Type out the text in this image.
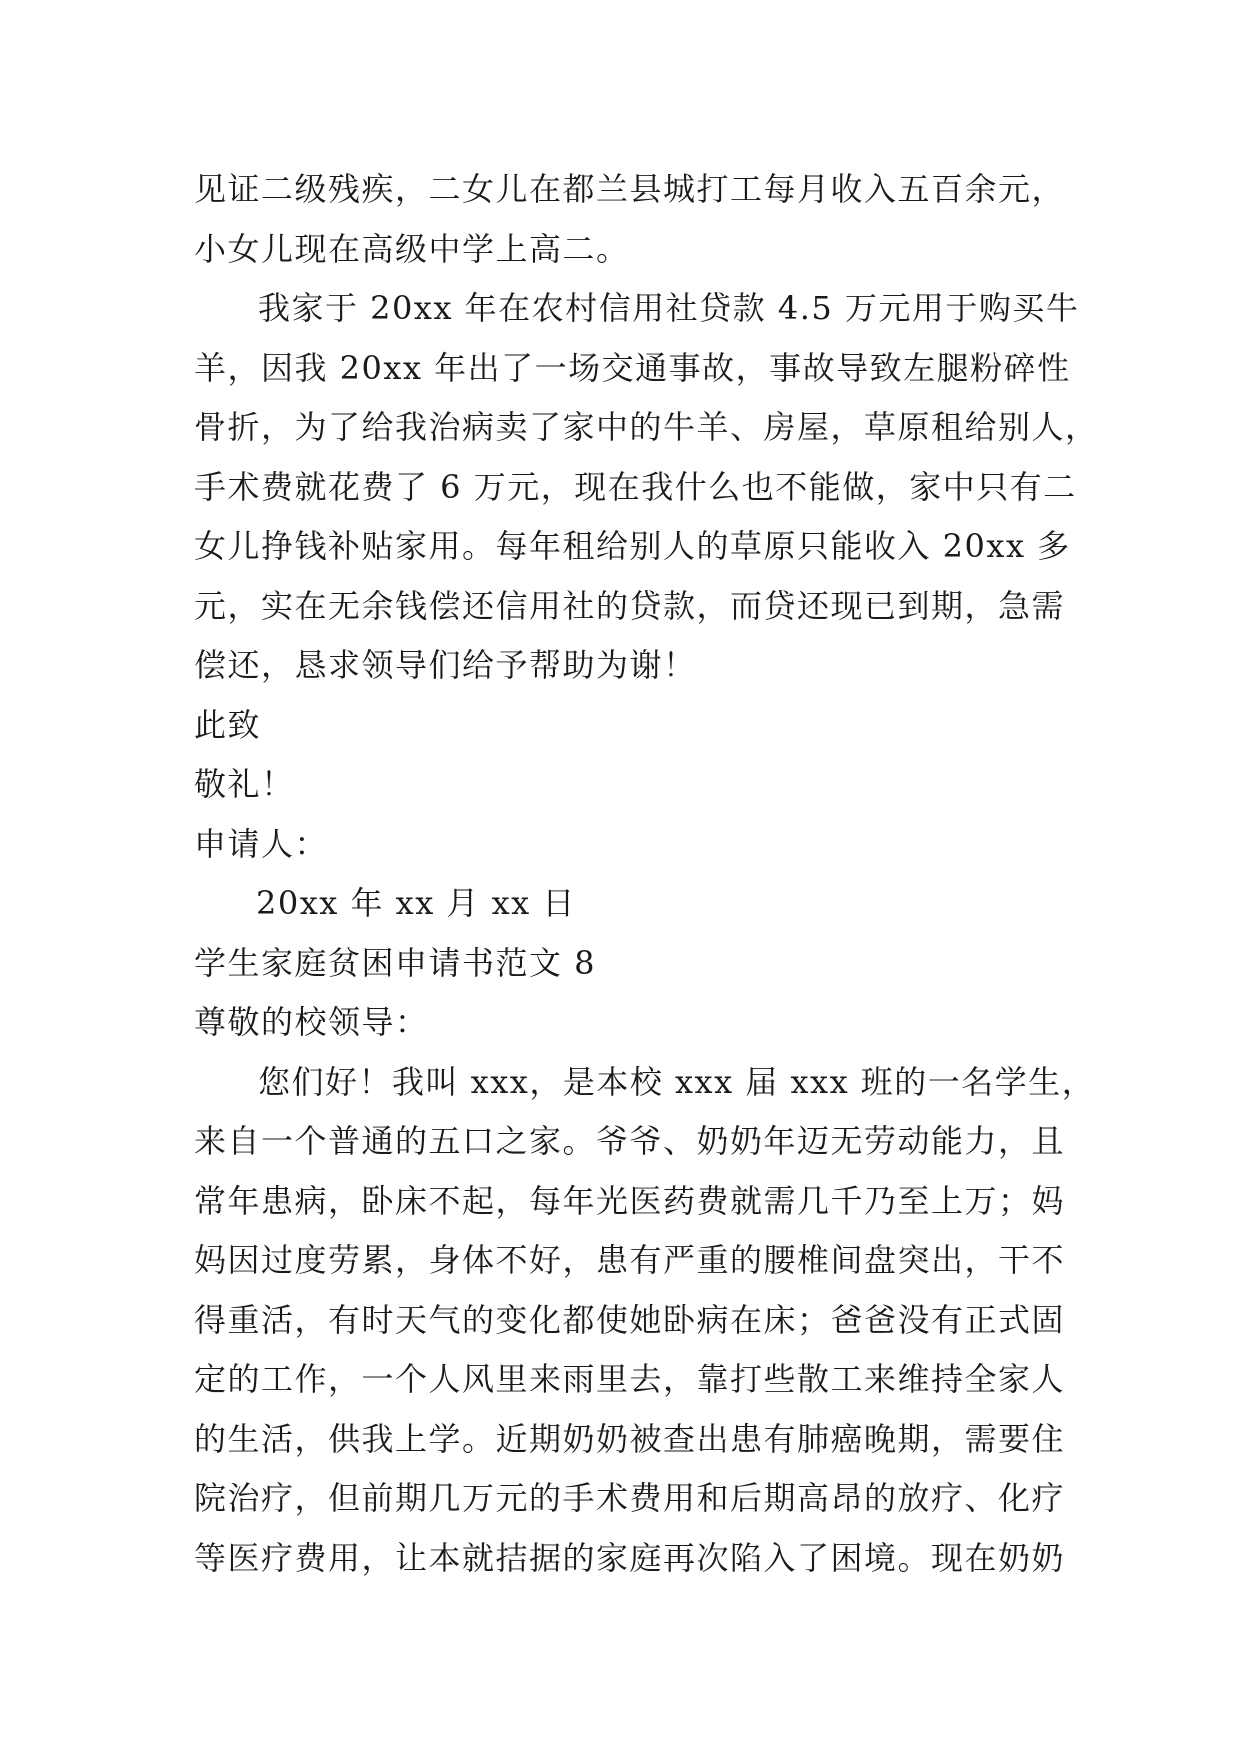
见证二级残疾，二女儿在都兰县城打工每月收入五百余元，
小女儿现在高级中学上高二。
我家于 20xx 年在农村信用社贷款 4.5 万元用于购买牛
羊，因我 20xx 年出了一场交通事故，事故导致左腿粉碎性
骨折，为了给我治病卖了家中的牛羊、房屋，草原租给别人，
手术费就花费了 6 万元，现在我什么也不能做，家中只有二
女儿挣钱补贴家用。每年租给别人的草原只能收入 20xx 多
元，实在无余钱偿还信用社的贷款，而贷还现已到期，急需
偿还，恳求领导们给予帮助为谢！
此致
敬礼！
申请人：
20xx 年 xx 月 xx 日
学生家庭贫困申请书范文 8
尊敬的校领导：
您们好！我叫 xxx，是本校 xxx 届 xxx 班的一名学生，
来自一个普通的五口之家。爷爷、奶奶年迈无劳动能力，且
常年患病，卧床不起，每年光医药费就需几千乃至上万；妈
妈因过度劳累，身体不好，患有严重的腰椎间盘突出，干不
得重活，有时天气的变化都使她卧病在床；爸爸没有正式固
定的工作，一个人风里来雨里去，靠打些散工来维持全家人
的生活，供我上学。近期奶奶被查出患有肺癌晚期，需要住
院治疗，但前期几万元的手术费用和后期高昂的放疗、化疗
等医疗费用，让本就拮据的家庭再次陷入了困境。现在奶奶
